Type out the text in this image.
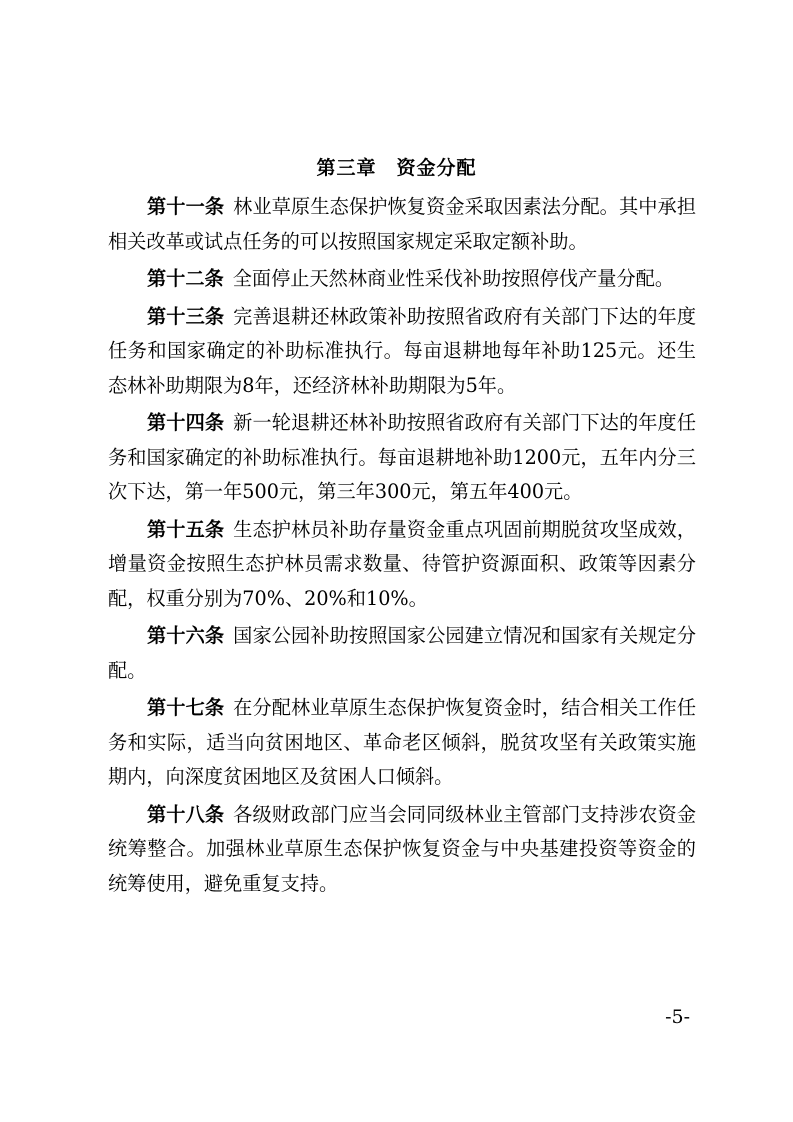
第三章　资金分配

第十一条 林业草原生态保护恢复资金采取因素法分配。其中承担相关改革或试点任务的可以按照国家规定采取定额补助。

第十二条 全面停止天然林商业性采伐补助按照停伐产量分配。

第十三条 完善退耕还林政策补助按照省政府有关部门下达的年度任务和国家确定的补助标准执行。每亩退耕地每年补助125元。还生态林补助期限为8年，还经济林补助期限为5年。

第十四条 新一轮退耕还林补助按照省政府有关部门下达的年度任务和国家确定的补助标准执行。每亩退耕地补助1200元，五年内分三次下达，第一年500元，第三年300元，第五年400元。

第十五条 生态护林员补助存量资金重点巩固前期脱贫攻坚成效，增量资金按照生态护林员需求数量、待管护资源面积、政策等因素分配，权重分别为70%、20%和10%。

第十六条 国家公园补助按照国家公园建立情况和国家有关规定分配。

第十七条 在分配林业草原生态保护恢复资金时，结合相关工作任务和实际，适当向贫困地区、革命老区倾斜，脱贫攻坚有关政策实施期内，向深度贫困地区及贫困人口倾斜。

第十八条 各级财政部门应当会同同级林业主管部门支持涉农资金统筹整合。加强林业草原生态保护恢复资金与中央基建投资等资金的统筹使用，避免重复支持。

-5-
